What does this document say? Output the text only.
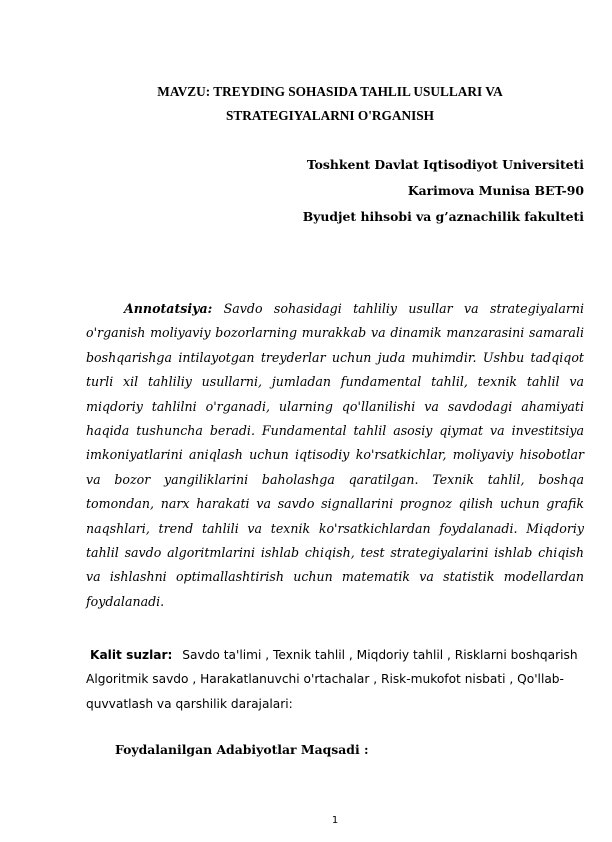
MAVZU: TREYDING SOHASIDA TAHLIL USULLARI VA
STRATEGIYALARNI O'RGANISH
Toshkent Davlat Iqtisodiyot Universiteti
Karimova Munisa BET-90
Byudjet hihsobi va g’aznachilik fakulteti

Annotatsiya: Savdo sohasidagi tahliliy usullar va strategiyalarni o'rganish moliyaviy bozorlarning murakkab va dinamik manzarasini samarali boshqarishga intilayotgan treyderlar uchun juda muhimdir. Ushbu tadqiqot turli xil tahliliy usullarni, jumladan fundamental tahlil, texnik tahlil va miqdoriy tahlilni o'rganadi, ularning qo'llanilishi va savdodagi ahamiyati haqida tushuncha beradi. Fundamental tahlil asosiy qiymat va investitsiya imkoniyatlarini aniqlash uchun iqtisodiy ko'rsatkichlar, moliyaviy hisobotlar va bozor yangiliklarini baholashga qaratilgan. Texnik tahlil, boshqa tomondan, narx harakati va savdo signallarini prognoz qilish uchun grafik naqshlari, trend tahlili va texnik ko'rsatkichlardan foydalanadi. Miqdoriy tahlil savdo algoritmlarini ishlab chiqish, test strategiyalarini ishlab chiqish va ishlashni optimallashtirish uchun matematik va statistik modellardan foydalanadi.

Kalit suzlar: Savdo ta'limi , Texnik tahlil , Miqdoriy tahlil , Risklarni boshqarish Algoritmik savdo , Harakatlanuvchi o'rtachalar , Risk-mukofot nisbati , Qo'llab-quvvatlash va qarshilik darajalari:

Foydalanilgan Adabiyotlar Maqsadi :
1
